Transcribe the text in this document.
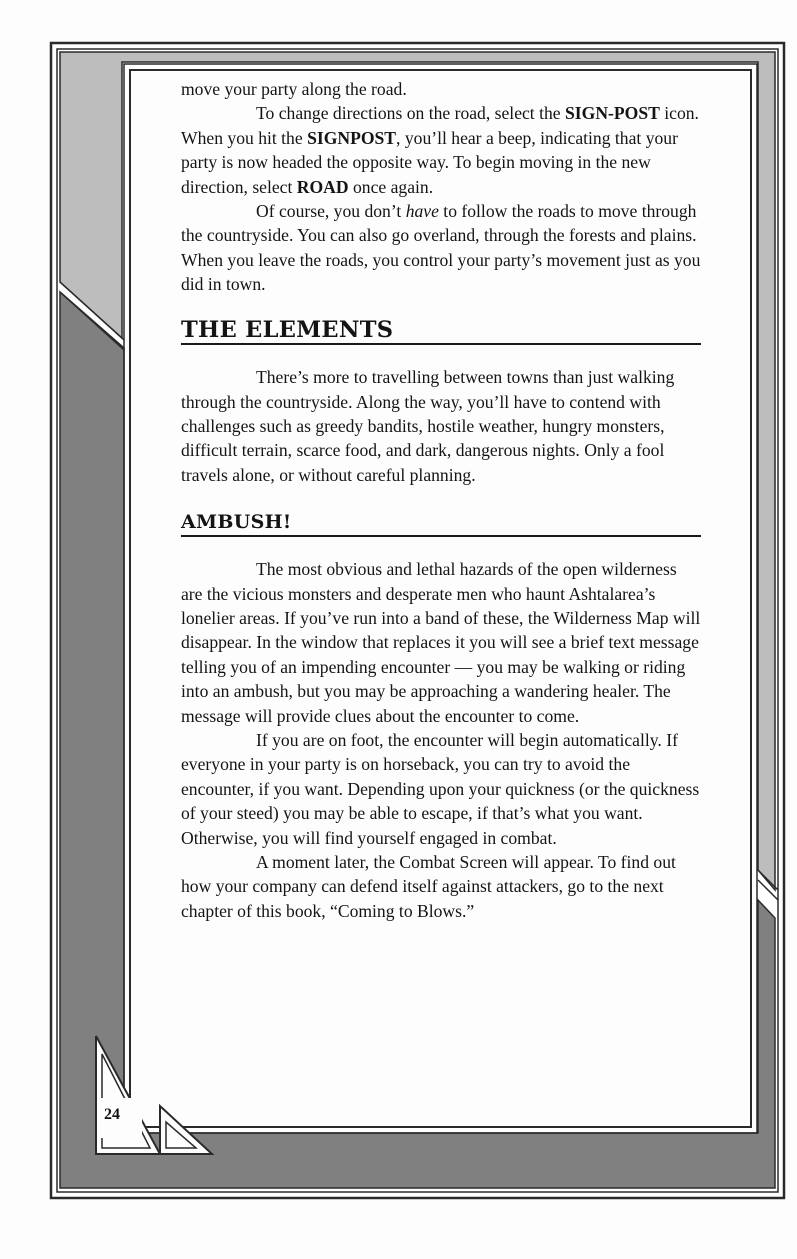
24

move your party along the road.

To change directions on the road, select the SIGN-POST icon. When you hit the SIGNPOST, you’ll hear a beep, indicating that your party is now headed the opposite way. To begin moving in the new direction, select ROAD once again.

Of course, you don’t have to follow the roads to move through the countryside. You can also go overland, through the forests and plains. When you leave the roads, you control your party’s movement just as you did in town.

THE ELEMENTS

There’s more to travelling between towns than just walking through the countryside. Along the way, you’ll have to contend with challenges such as greedy bandits, hostile weather, hungry monsters, difficult terrain, scarce food, and dark, dangerous nights. Only a fool travels alone, or without careful planning.

AMBUSH!

The most obvious and lethal hazards of the open wilderness are the vicious monsters and desperate men who haunt Ashtalarea’s lonelier areas. If you’ve run into a band of these, the Wilderness Map will disappear. In the window that replaces it you will see a brief text message telling you of an impending encounter — you may be walking or riding into an ambush, but you may be approaching a wandering healer. The message will provide clues about the encounter to come.

If you are on foot, the encounter will begin automatically. If everyone in your party is on horseback, you can try to avoid the encounter, if you want. Depending upon your quickness (or the quickness of your steed) you may be able to escape, if that’s what you want. Otherwise, you will find yourself engaged in combat.

A moment later, the Combat Screen will appear. To find out how your company can defend itself against attackers, go to the next chapter of this book, “Coming to Blows.”
